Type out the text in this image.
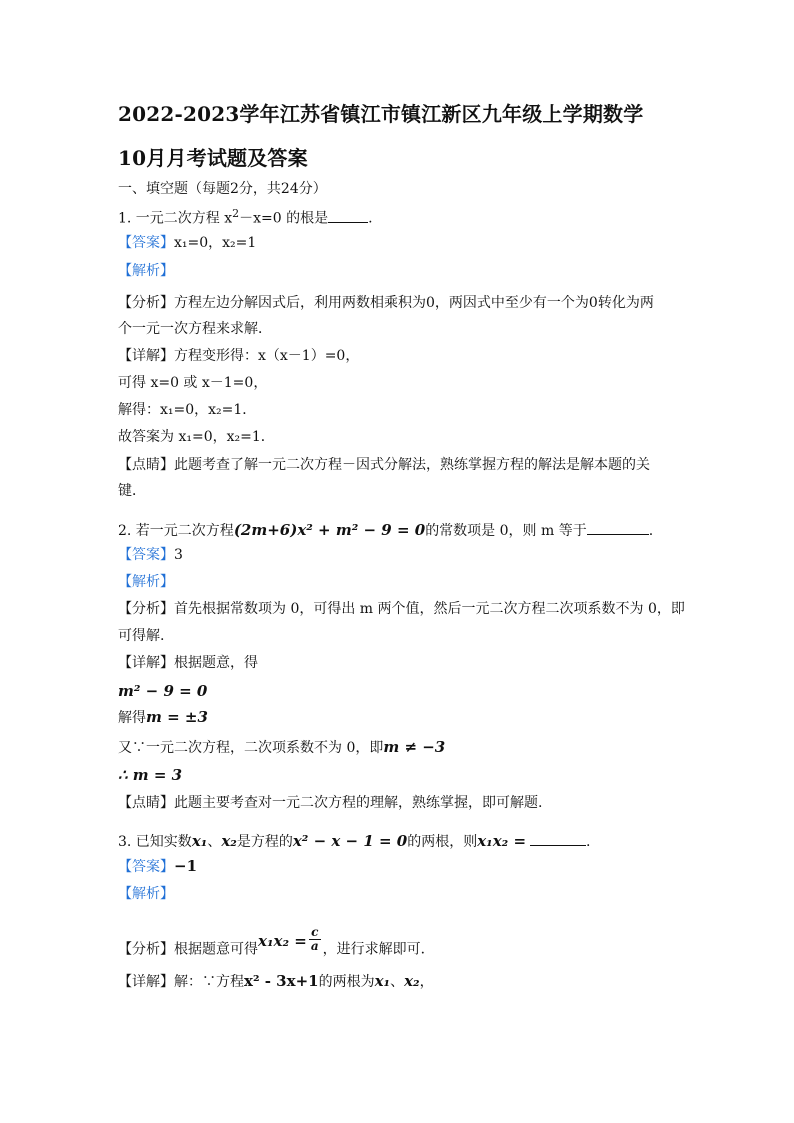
2022-2023学年江苏省镇江市镇江新区九年级上学期数学
10月月考试题及答案
一、填空题（每题2分，共24分）
1. 一元二次方程 $x^2-x=0$ 的根是	.
【答案】x₁=0，x₂=1
【解析】
【分析】方程左边分解因式后，利用两数相乘积为0，两因式中至少有一个为0转化为两
个一元一次方程来求解．
【详解】方程变形得：x（x－1）=0，
可得 x=0 或 x－1=0，
解得：x₁=0，x₂=1．
故答案为 x₁=0，x₂=1．
【点睛】此题考查了解一元二次方程－因式分解法，熟练掌握方程的解法是解本题的关
键．
2. 若一元二次方程(2m+6)x² + m² − 9 = 0的常数项是 0，则 m 等于	.
【答案】3
【解析】
【分析】首先根据常数项为 0，可得出 m 两个值，然后一元二次方程二次项系数不为 0，即
可得解.
【详解】根据题意，得
m² − 9 = 0
解得m = ±3
又∵一元二次方程，二次项系数不为 0，即m ≠ −3
∴ m = 3
【点睛】此题主要考查对一元二次方程的理解，熟练掌握，即可解题.
3. 已知实数x₁、x₂是方程的x² − x − 1 = 0的两根，则x₁x₂ =	.
【答案】−1
【解析】
【分析】根据题意可得$x_1x_2 = \frac{c}{a}$ ，进行求解即可．
【详解】解：∵方程x² - 3x+1的两根为x₁、x₂，
